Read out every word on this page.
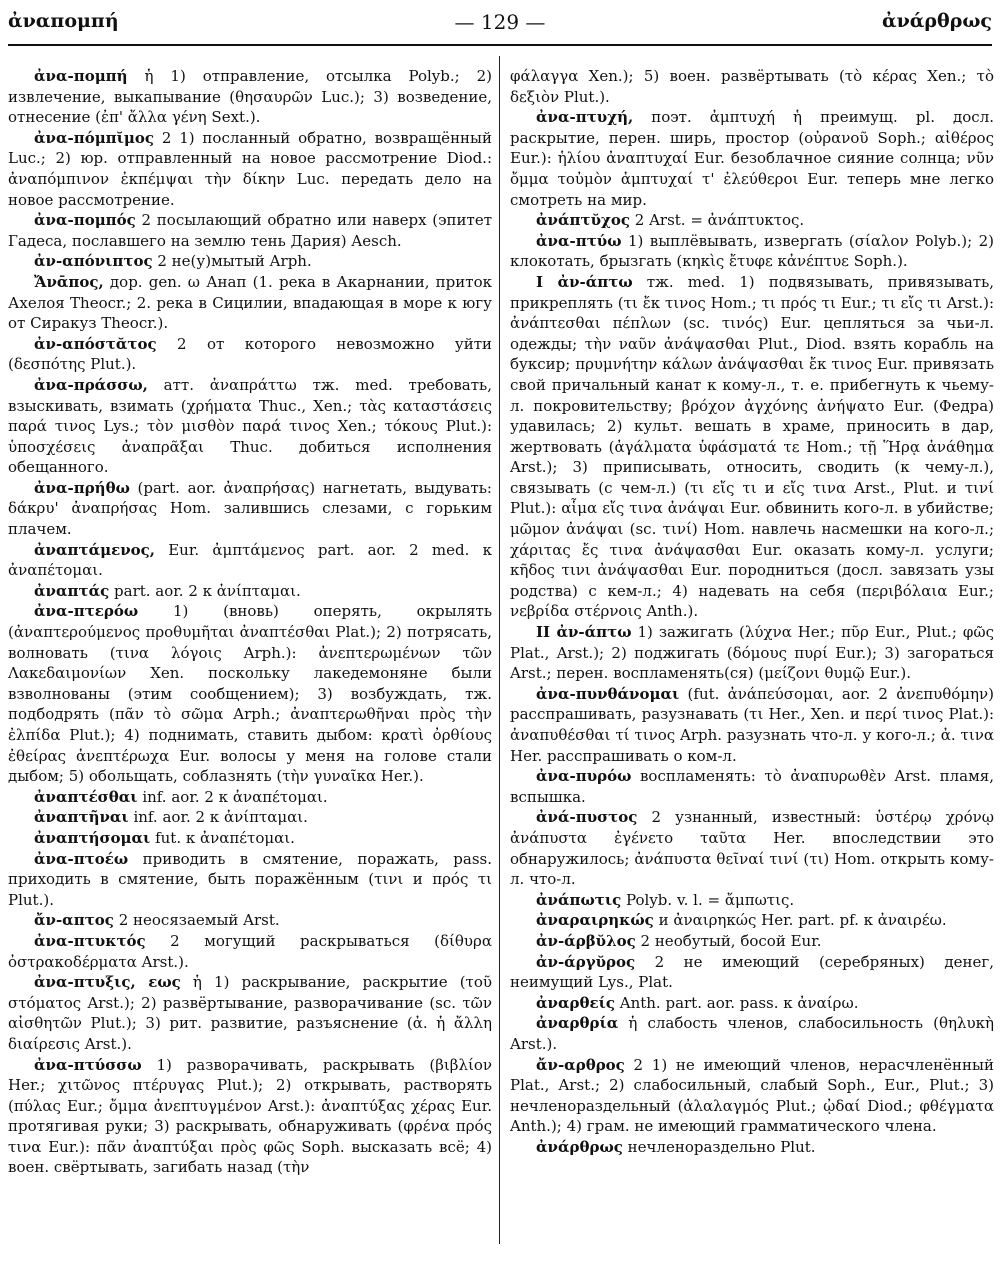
ἀναπομπή	— 129 —	ἀνάρθρως

ἀνα-πομπή ἡ 1) отправление, отсылка Polyb.; 2) извлечение, выкапывание (θησαυρῶν Luc.); 3) возведение, отнесение (ἐπ' ἄλλα γένη Sext.).

ἀνα-πόμπῐμος 2 1) посланный обратно, возвращённый Luc.; 2) юр. отправленный на новое рассмотрение Diod.: ἀναπόμπινον ἐκπέμψαι τὴν δίκην Luc. передать дело на новое рассмотрение.

ἀνα-πομπός 2 посылающий обратно или наверх (эпитет Гадеса, пославшего на землю тень Дария) Aesch.

ἀν-απόνιπτος 2 не(у)мытый Arph.

Ἄνᾱπος, дор. gen. ω Анап (1. река в Акарнании, приток Ахелоя Theocr.; 2. река в Сицилии, впадающая в море к югу от Сиракуз Theocr.).

ἀν-απόστᾰτος 2 от которого невозможно уйти (δεσπότης Plut.).

ἀνα-πράσσω, атт. ἀναπράττω тж. med. требовать, взыскивать, взимать (χρήματα Thuc., Xen.; τὰς καταστάσεις παρά τινος Lys.; τὸν μισθὸν παρά τινος Xen.; τόκους Plut.): ὑποσχέσεις ἀναπρᾶξαι Thuc. добиться исполнения обещанного.

ἀνα-πρήθω (part. aor. ἀναπρήσας) нагнетать, выдувать: δάκρυ' ἀναπρήσας Hom. залившись слезами, с горьким плачем.

ἀναπτάμενος, Eur. ἀμπτάμενος part. aor. 2 med. к ἀναπέτομαι.

ἀναπτάς part. aor. 2 к ἀνίπταμαι.

ἀνα-πτερόω 1) (вновь) оперять, окрылять (ἀναπτερούμενος προθυμῆται ἀναπτέσθαι Plat.); 2) потрясать, волновать (τινα λόγοις Arph.): ἀνεπτερωμένων τῶν Λακεδαιμονίων Xen. поскольку лакедемоняне были взволнованы (этим сообщением); 3) возбуждать, тж. подбодрять (πᾶν τὸ σῶμα Arph.; ἀναπτερωθῆναι πρὸς τὴν ἐλπίδα Plut.); 4) поднимать, ставить дыбом: κρατὶ ὀρθίους ἐθείρας ἀνεπτέρωχα Eur. волосы у меня на голове стали дыбом; 5) обольщать, соблазнять (τὴν γυναῖκα Her.).

ἀναπτέσθαι inf. aor. 2 к ἀναπέτομαι.

ἀναπτῆναι inf. aor. 2 к ἀνίπταμαι.

ἀναπτήσομαι fut. к ἀναπέτομαι.

ἀνα-πτοέω приводить в смятение, поражать, pass. приходить в смятение, быть поражённым (τινι и πρός τι Plut.).

ἄν-απτος 2 неосязаемый Arst.

ἀνα-πτυκτός 2 могущий раскрываться (δίθυρα ὀστρακοδέρματα Arst.).

ἀνα-πτυξις, εως ἡ 1) раскрывание, раскрытие (τοῦ στόματος Arst.); 2) развёртывание, разворачивание (sc. τῶν αἰσθητῶν Plut.); 3) рит. развитие, разъяснение (ἀ. ἡ ἄλλη διαίρεσις Arst.).

ἀνα-πτύσσω 1) разворачивать, раскрывать (βιβλίον Her.; χιτῶνος πτέρυγας Plut.); 2) открывать, растворять (πύλας Eur.; ὄμμα ἀνεπτυγμένον Arst.): ἀναπτύξας χέρας Eur. протягивая руки; 3) раскрывать, обнаруживать (φρένα πρός τινα Eur.): πᾶν ἀναπτύξαι πρὸς φῶς Soph. высказать всё; 4) воен. свёртывать, загибать назад (τὴν

φάλαγγα Xen.); 5) воен. развёртывать (τὸ κέρας Xen.; τὸ δεξιὸν Plut.).

ἀνα-πτυχή, поэт. ἀμπτυχή ἡ преимущ. pl. досл. раскрытие, перен. ширь, простор (οὐρανοῦ Soph.; αἰθέρος Eur.): ἡλίου ἀναπτυχαί Eur. безоблачное сияние солнца; νῦν ὄμμα τοὐμὸν ἀμπτυχαί τ' ἐλεύθεροι Eur. теперь мне легко смотреть на мир.

ἀνάπτῠχος 2 Arst. = ἀνάπτυκτος.

ἀνα-πτύω 1) выплёвывать, извергать (σίαλον Polyb.); 2) клокотать, брызгать (κηκὶς ἔτυφε κἀνέπτυε Soph.).

I ἀν-άπτω тж. med. 1) подвязывать, привязывать, прикреплять (τι ἔκ τινος Hom.; τι πρός τι Eur.; τι εἴς τι Arst.): ἀνάπτεσθαι πέπλων (sc. τινός) Eur. цепляться за чьи-л. одежды; τὴν ναῦν ἀνάψασθαι Plut., Diod. взять корабль на буксир; πρυμνήτην κάλων ἀνάψασθαι ἔκ τινος Eur. привязать свой причальный канат к кому-л., т. е. прибегнуть к чьему-л. покровительству; βρόχον ἀγχόνης ἀνήψατο Eur. (Федра) удавилась; 2) культ. вешать в храме, приносить в дар, жертвовать (ἀγάλματα ὑφάσματά τε Hom.; τῇ Ἥρᾳ ἀνάθημα Arst.); 3) приписывать, относить, сводить (к чему-л.), связывать (с чем-л.) (τι εἴς τι и εἴς τινα Arst., Plut. и τινί Plut.): αἷμα εἴς τινα ἀνάψαι Eur. обвинить кого-л. в убийстве; μῶμον ἀνάψαι (sc. τινί) Hom. навлечь насмешки на кого-л.; χάριτας ἔς τινα ἀνάψασθαι Eur. оказать кому-л. услуги; κῆδος τινι ἀνάψασθαι Eur. породниться (досл. завязать узы родства) с кем-л.; 4) надевать на себя (περιβόλαια Eur.; νεβρίδα στέρνοις Anth.).

II ἀν-άπτω 1) зажигать (λύχνα Her.; πῦρ Eur., Plut.; φῶς Plat., Arst.); 2) поджигать (δόμους πυρί Eur.); 3) загораться Arst.; перен. воспламенять(ся) (μείζονι θυμῷ Eur.).

ἀνα-πυνθάνομαι (fut. ἀνάπεύσομαι, aor. 2 ἀνεπυθόμην) расспрашивать, разузнавать (τι Her., Xen. и περί τινος Plat.): ἀναπυθέσθαι τί τινος Arph. разузнать что-л. у кого-л.; ἀ. τινα Her. расспрашивать о ком-л.

ἀνα-πυρόω воспламенять: τὸ ἀναπυρωθὲν Arst. пламя, вспышка.

ἀνά-πυστος 2 узнанный, известный: ὑστέρῳ χρόνῳ ἀνάπυστα ἐγένετο ταῦτα Her. впоследствии это обнаружилось; ἀνάπυστα θεῖναί τινί (τι) Hom. открыть кому-л. что-л.

ἀνάπωτις Polyb. v. l. = ἄμπωτις.

ἀναραιρηκώς и ἀναιρηκώς Her. part. pf. к ἀναιρέω.

ἀν-άρβῠλος 2 необутый, босой Eur.

ἀν-άργῠρος 2 не имеющий (серебряных) денег, неимущий Lys., Plat.

ἀναρθείς Anth. part. aor. pass. к ἀναίρω.

ἀναρθρία ἡ слабость членов, слабосильность (θηλυκὴ Arst.).

ἄν-αρθρος 2 1) не имеющий членов, нерасчленённый Plat., Arst.; 2) слабосильный, слабый Soph., Eur., Plut.; 3) нечленораздельный (ἀλαλαγμός Plut.; ᾠδαί Diod.; φθέγματα Anth.); 4) грам. не имеющий грамматического члена.

ἀνάρθρως нечленораздельно Plut.
